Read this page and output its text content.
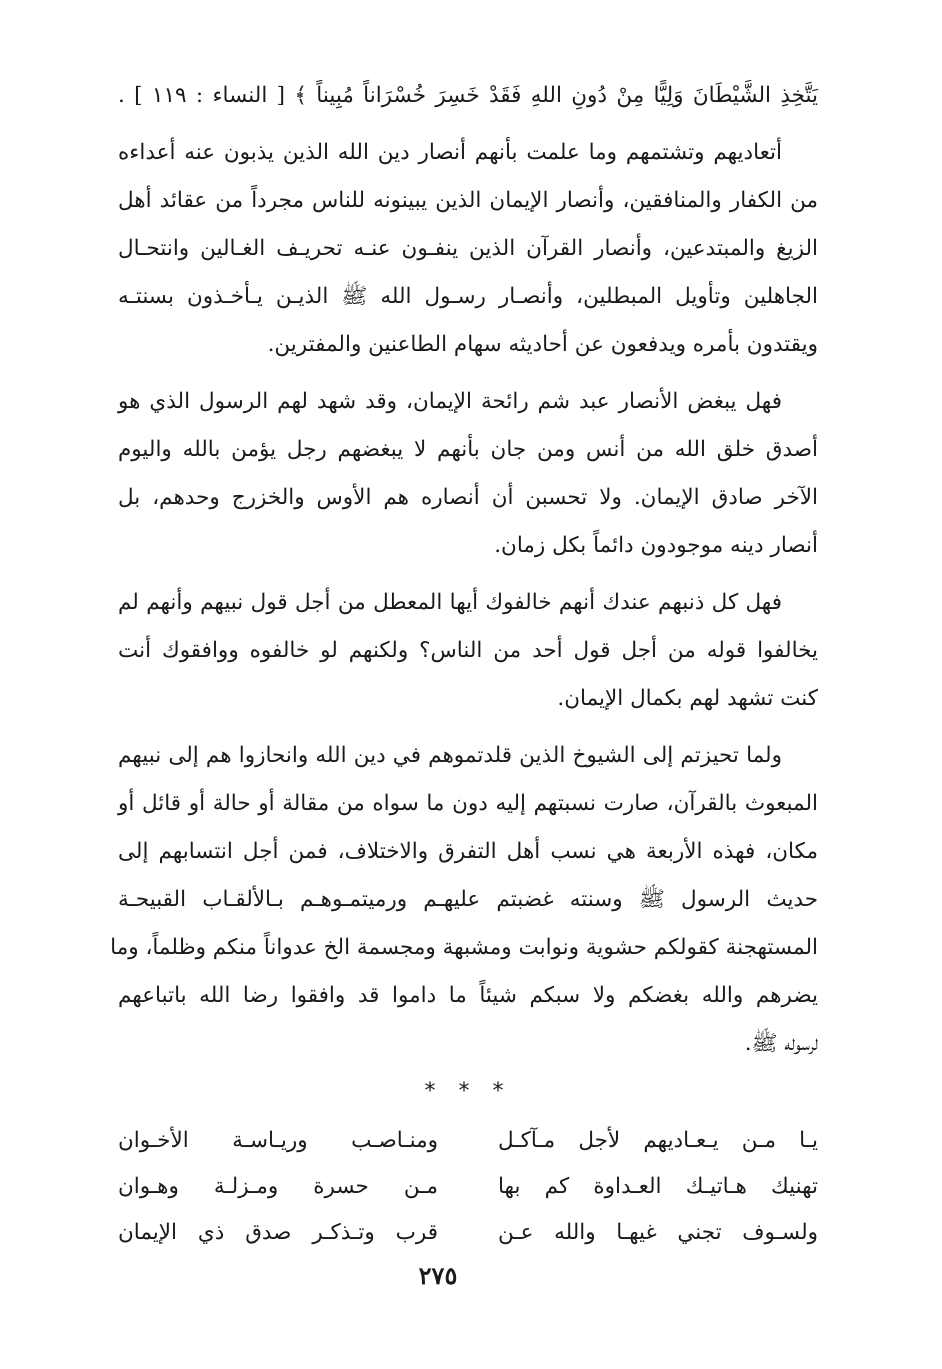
يَتَّخِذِ الشَّيْطَانَ وَلِيًّا مِنْ دُونِ اللهِ فَقَدْ خَسِرَ خُسْرَاناً مُبِيناً ﴾ [ النساء : ١١٩ ] .
أتعاديهم وتشتمهم وما علمت بأنهم أنصار دين الله الذين يذبون عنه أعداءه
من الكفار والمنافقين، وأنصار الإيمان الذين يبينونه للناس مجرداً من عقائد أهل
الزيغ والمبتدعين، وأنصار القرآن الذين ينفـون عنـه تحريـف الغـالين وانتحـال
الجاهلين وتأويل المبطلين، وأنصـار رسـول الله ﷺ الذيـن يـأخـذون بسنتـه
ويقتدون بأمره ويدفعون عن أحاديثه سهام الطاعنين والمفترين.
فهل يبغض الأنصار عبد شم رائحة الإيمان، وقد شهد لهم الرسول الذي هو
أصدق خلق الله من أنس ومن جان بأنهم لا يبغضهم رجل يؤمن بالله واليوم
الآخر صادق الإيمان. ولا تحسبن أن أنصاره هم الأوس والخزرج وحدهم، بل
أنصار دينه موجودون دائماً بكل زمان.
فهل كل ذنبهم عندك أنهم خالفوك أيها المعطل من أجل قول نبيهم وأنهم لم
يخالفوا قوله من أجل قول أحد من الناس؟ ولكنهم لو خالفوه ووافقوك أنت
كنت تشهد لهم بكمال الإيمان.
ولما تحيزتم إلى الشيوخ الذين قلدتموهم في دين الله وانحازوا هم إلى نبيهم
المبعوث بالقرآن، صارت نسبتهم إليه دون ما سواه من مقالة أو حالة أو قائل أو
مكان، فهذه الأربعة هي نسب أهل التفرق والاختلاف، فمن أجل انتسابهم إلى
حديث الرسول ﷺ وسنته غضبتم عليهـم ورميتمـوهـم بـالألقـاب القبيحـة
المستهجنة كقولكم حشوية ونوابت ومشبهة ومجسمة الخ عدواناً منكم وظلماً، وما
يضرهم والله بغضكم ولا سبكم شيئاً ما داموا قد وافقوا رضا الله باتباعهم
لرسوله ﷺ.
* * *
يـا مـن يـعـاديهم لأجل مـآكـل
ومنـاصـب وريـاسـة الأخـوان
تهنيك هـاتيـك العـداوة كم بها
مـن حسرة ومـزلـة وهـوان
ولسـوف تجني غيهـا والله عـن
قرب وتـذكـر صدق ذي الإيمان
٢٧٥
